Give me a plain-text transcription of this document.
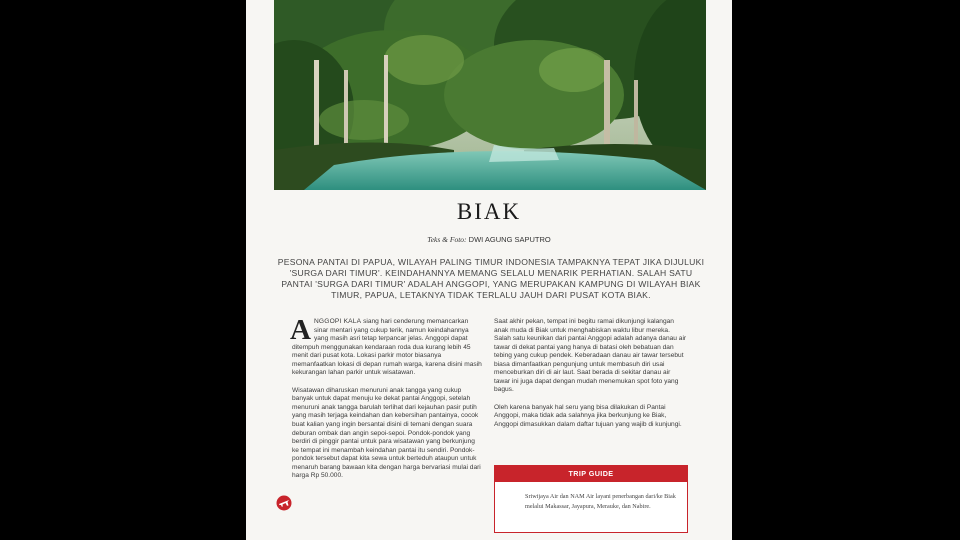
BIAK
Teks & Foto: DWI AGUNG SAPUTRO
PESONA PANTAI DI PAPUA, WILAYAH PALING TIMUR INDONESIA TAMPAKNYA TEPAT JIKA DIJULUKI 'SURGA DARI TIMUR'. KEINDAHANNYA MEMANG SELALU MENARIK PERHATIAN. SALAH SATU PANTAI 'SURGA DARI TIMUR' ADALAH ANGGOPI, YANG MERUPAKAN KAMPUNG DI WILAYAH BIAK TIMUR, PAPUA, LETAKNYA TIDAK TERLALU JAUH DARI PUSAT KOTA BIAK.

ANGGOPI KALA siang hari cenderung memancarkan sinar mentari yang cukup terik, namun keindahannya yang masih asri tetap terpancar jelas. Anggopi dapat ditempuh menggunakan kendaraan roda dua kurang lebih 45 menit dari pusat kota. Lokasi parkir motor biasanya memanfaatkan lokasi di depan rumah warga, karena disini masih kekurangan lahan parkir untuk wisatawan.

Wisatawan diharuskan menuruni anak tangga yang cukup banyak untuk dapat menuju ke dekat pantai Anggopi, setelah menuruni anak tangga barulah terlihat dari kejauhan pasir putih yang masih terjaga keindahan dan kebersihan pantainya, cocok buat kalian yang ingin bersantai disini di temani dengan suara deburan ombak dan angin sepoi-sepoi. Pondok-pondok yang berdiri di pinggir pantai untuk para wisatawan yang berkunjung ke tempat ini menambah keindahan pantai itu sendiri. Pondok-pondok tersebut dapat kita sewa untuk berteduh ataupun untuk menaruh barang bawaan kita dengan harga bervariasi mulai dari harga Rp 50.000.

Saat akhir pekan, tempat ini begitu ramai dikunjungi kalangan anak muda di Biak untuk menghabiskan waktu libur mereka. Salah satu keunikan dari pantai Anggopi adalah adanya danau air tawar di dekat pantai yang hanya di batasi oleh bebatuan dan tebing yang cukup pendek. Keberadaan danau air tawar tersebut biasa dimanfaatkan pengunjung untuk membasuh diri usai menceburkan diri di air laut. Saat berada di sekitar danau air tawar ini juga dapat dengan mudah menemukan spot foto yang bagus.

Oleh karena banyak hal seru yang bisa dilakukan di Pantai Anggopi, maka tidak ada salahnya jika berkunjung ke Biak, Anggopi dimasukkan dalam daftar tujuan yang wajib di kunjungi.

TRIP GUIDE
Sriwijaya Air dan NAM Air layani penerbangan dari/ke Biak melalui Makassar, Jayapura, Merauke, dan Nabire.
